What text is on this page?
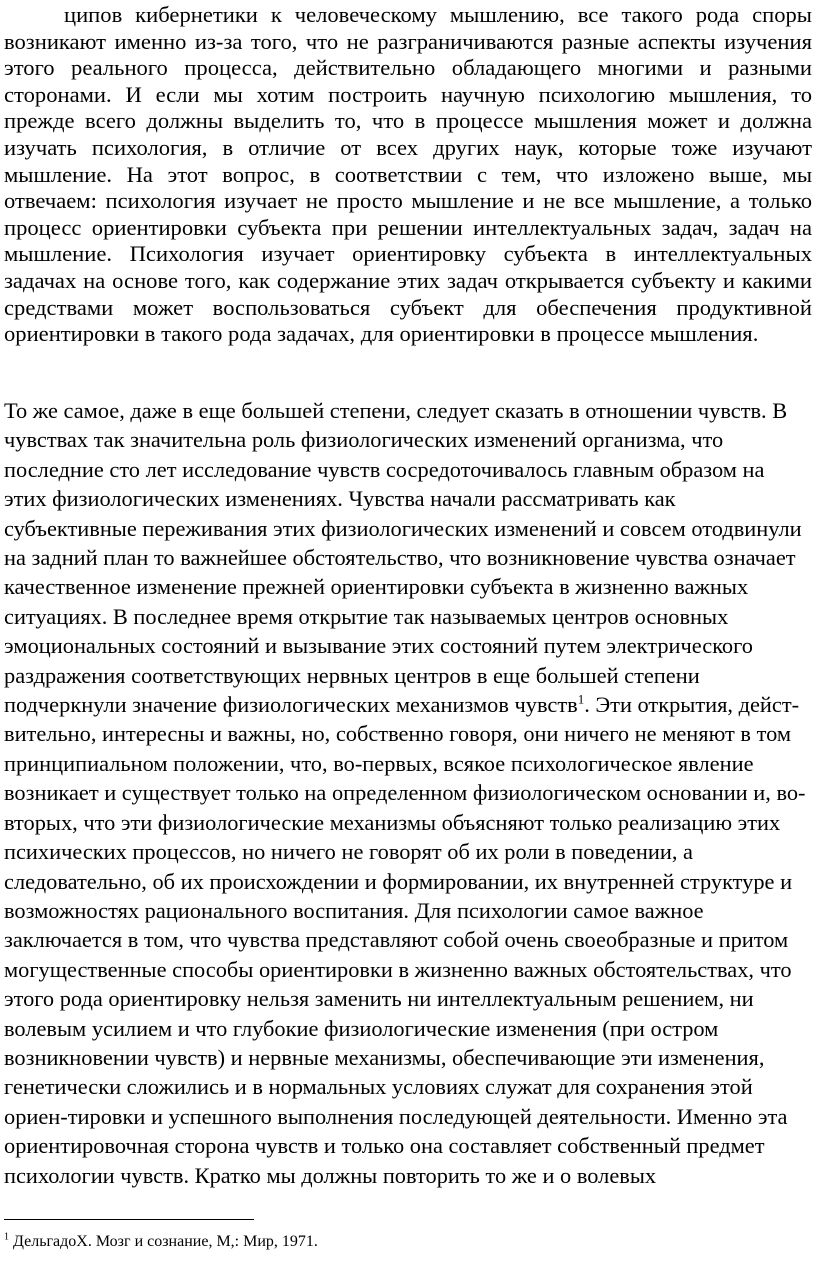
ципов кибернетики к человеческому мышлению, все такого рода споры возникают именно из-за того, что не разграничиваются разные аспекты изучения этого реального процесса, действительно обладающего многими и разными сторонами. И если мы хотим построить научную психологию мышления, то прежде всего должны выделить то, что в процессе мышления может и должна изучать психология, в отличие от всех других наук, которые тоже изучают мышление. На этот вопрос, в соответствии с тем, что изложено выше, мы отвечаем: психология изучает не просто мышление и не все мышление, а только процесс ориентировки субъекта при решении интеллектуальных задач, задач на мышление. Психология изучает ориентировку субъекта в интеллектуальных задачах на основе того, как содержание этих задач открывается субъекту и какими средствами может воспользоваться субъект для обеспечения продуктивной ориентировки в такого рода задачах, для ориентировки в процессе мышления.

То же самое, даже в еще большей степени, следует сказать в отношении чувств. В чувствах так значительна роль физиологических изменений организма, что последние сто лет исследование чувств сосредоточивалось главным образом на этих физиологических изменениях. Чувства начали рассматривать как субъективные переживания этих физиологических изменений и совсем отодвинули на задний план то важнейшее обстоятельство, что возникновение чувства означает качественное изменение прежней ориентировки субъекта в жизненно важных ситуациях. В последнее время открытие так называемых центров основных эмоциональных состояний и вызывание этих состояний путем электрического раздражения соответствующих нервных центров в еще большей степени подчеркнули значение физиологических механизмов чувств$^1$. Эти открытия, дейст-вительно, интересны и важны, но, собственно говоря, они ничего не меняют в том принципиальном положении, что, во-первых, всякое психологическое явление возникает и существует только на определенном физиологическом основании и, во-вторых, что эти физиологические механизмы объясняют только реализацию этих психических процессов, но ничего не говорят об их роли в поведении, а следовательно, об их происхождении и формировании, их внутренней структуре и возможностях рационального воспитания. Для психологии самое важное заключается в том, что чувства представляют собой очень своеобразные и притом могущественные способы ориентировки в жизненно важных обстоятельствах, что этого рода ориентировку нельзя заменить ни интеллектуальным решением, ни волевым усилием и что глубокие физиологические изменения (при остром возникновении чувств) и нервные механизмы, обеспечивающие эти изменения, генетически сложились и в нормальных условиях служат для сохранения этой ориен-тировки и успешного выполнения последующей деятельности. Именно эта ориентировочная сторона чувств и только она составляет собственный предмет психологии чувств. Кратко мы должны повторить то же и о волевых

$^1$ ДельгадоХ. Мозг и сознание, М,: Мир, 1971.
